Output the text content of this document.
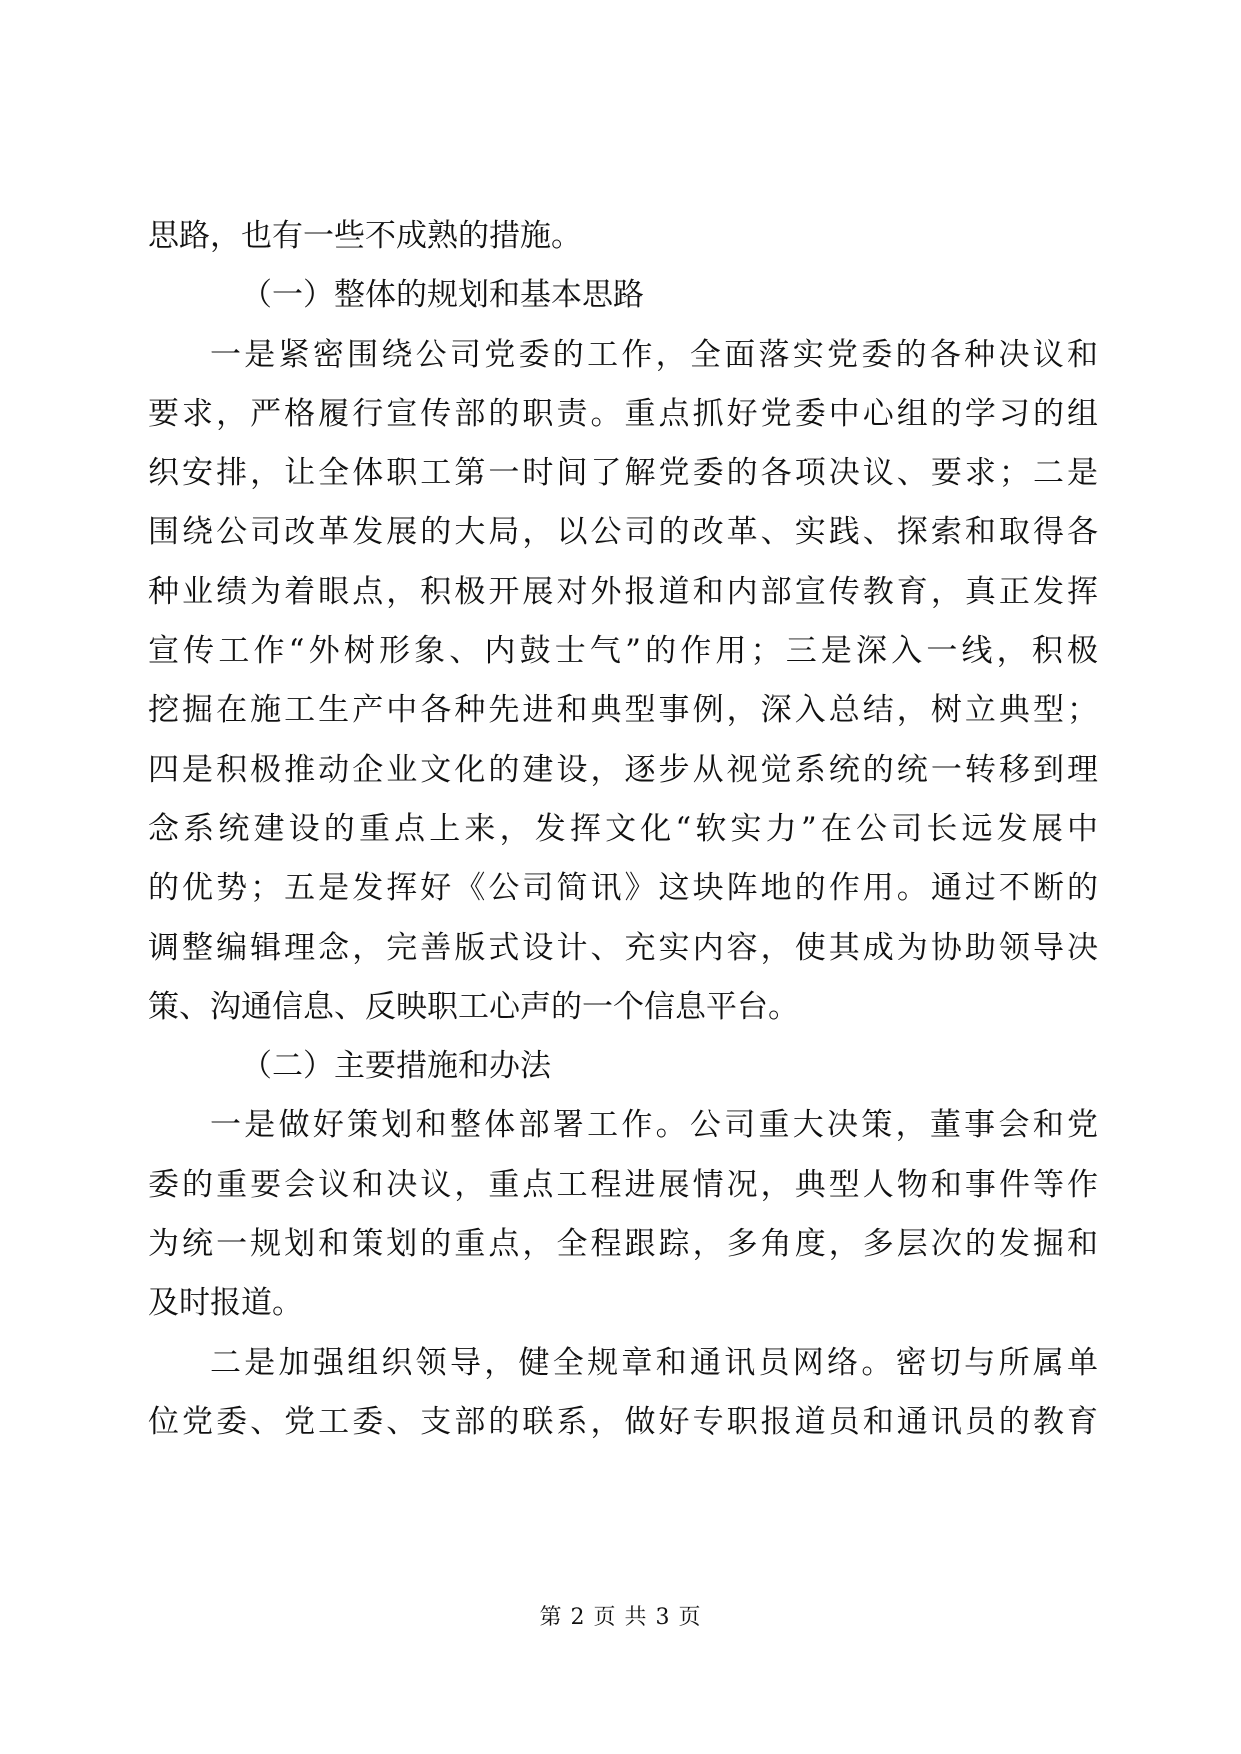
思路，也有一些不成熟的措施。
（一）整体的规划和基本思路
一是紧密围绕公司党委的工作，全面落实党委的各种决议和
要求，严格履行宣传部的职责。重点抓好党委中心组的学习的组
织安排，让全体职工第一时间了解党委的各项决议、要求；二是
围绕公司改革发展的大局，以公司的改革、实践、探索和取得各
种业绩为着眼点，积极开展对外报道和内部宣传教育，真正发挥
宣传工作“外树形象、内鼓士气”的作用；三是深入一线，积极
挖掘在施工生产中各种先进和典型事例，深入总结，树立典型；
四是积极推动企业文化的建设，逐步从视觉系统的统一转移到理
念系统建设的重点上来，发挥文化“软实力”在公司长远发展中
的优势；五是发挥好《公司简讯》这块阵地的作用。通过不断的
调整编辑理念，完善版式设计、充实内容，使其成为协助领导决
策、沟通信息、反映职工心声的一个信息平台。
（二）主要措施和办法
一是做好策划和整体部署工作。公司重大决策，董事会和党
委的重要会议和决议，重点工程进展情况，典型人物和事件等作
为统一规划和策划的重点，全程跟踪，多角度，多层次的发掘和
及时报道。
二是加强组织领导，健全规章和通讯员网络。密切与所属单
位党委、党工委、支部的联系，做好专职报道员和通讯员的教育
第 2 页 共 3 页
